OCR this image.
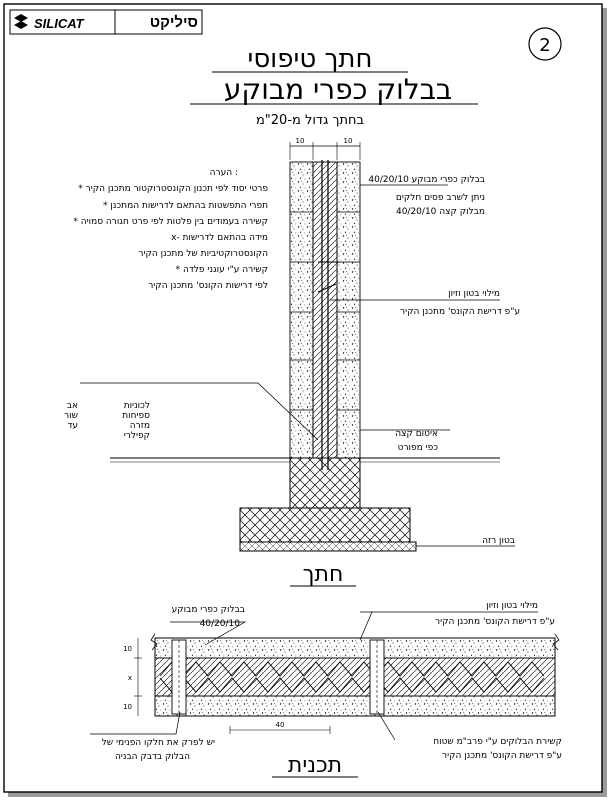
SILICAT	סיליקט
2
חתך טיפוסי
בבלוק כפרי מבוקע
בחתך גדול מ-20"מ
10	10
הערה :
* פרטי יסוד לפי תכנון הקונסטרוקטור מתכנן הקיר
* תפרי התפשטות בהתאם לדרישות המתכנן
* קשירה בעמודים בין פלטות לפי פרט חגורה סמויה
x- מידה בהתאם לדרישות
הקונסטרוקטיביות של מתכנן הקיר
* קשירה ע"י עוגני פלדה
לפי דרישות הקונס' מתכנן הקיר
בבלוק כפרי מבוקע 40/20/10
ניתן לשרב פסים חלקים
מבלוק קצה 40/20/10
מילוי בטון וזיון
ע"פ דרישת הקונס' מתכנן הקיר
איטום קצה
כפי מפורט
בטון רזה
לכוניות
ספיחות
מזרה
קפילרי
אב
שור
עד
חתך
10
x
10
40
בבלוק כפרי מבוקע
40/20/10
מילוי בטון וזיון
ע"פ דרישת הקונס' מתכנן הקיר
יש לפרק את חלקו הפנימי של
הבלוק בדבק הבניה
קשירת הבלוקים ע"י פרב"מ שטוח
ע"פ דרישת הקונס' מתכנן הקיר
תכנית
